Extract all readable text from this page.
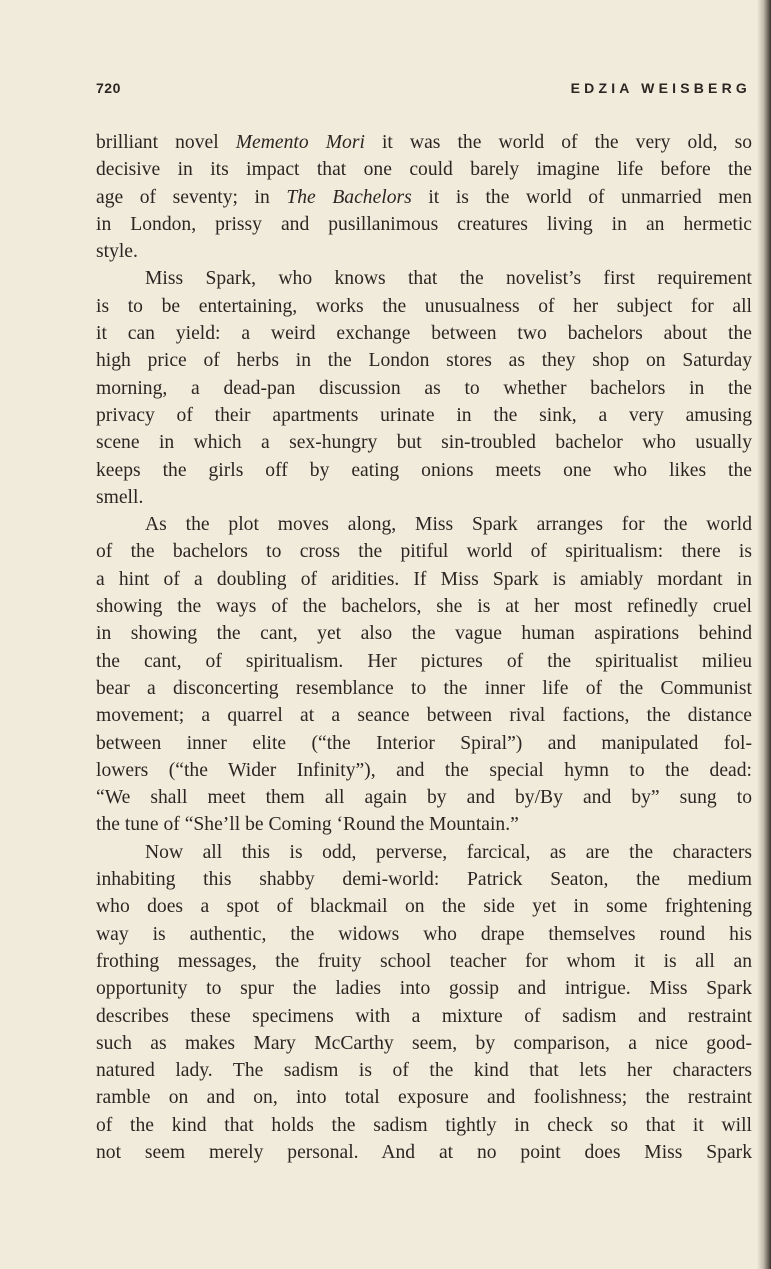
720	EDZIA WEISBERG
brilliant novel Memento Mori it was the world of the very old, so
decisive in its impact that one could barely imagine life before the
age of seventy; in The Bachelors it is the world of unmarried men
in London, prissy and pusillanimous creatures living in an hermetic
style.
Miss Spark, who knows that the novelist’s first requirement
is to be entertaining, works the unusualness of her subject for all
it can yield: a weird exchange between two bachelors about the
high price of herbs in the London stores as they shop on Saturday
morning, a dead-pan discussion as to whether bachelors in the
privacy of their apartments urinate in the sink, a very amusing
scene in which a sex-hungry but sin-troubled bachelor who usually
keeps the girls off by eating onions meets one who likes the
smell.
As the plot moves along, Miss Spark arranges for the world
of the bachelors to cross the pitiful world of spiritualism: there is
a hint of a doubling of aridities. If Miss Spark is amiably mordant in
showing the ways of the bachelors, she is at her most refinedly cruel
in showing the cant, yet also the vague human aspirations behind
the cant, of spiritualism. Her pictures of the spiritualist milieu
bear a disconcerting resemblance to the inner life of the Communist
movement; a quarrel at a seance between rival factions, the distance
between inner elite (“the Interior Spiral”) and manipulated fol-
lowers (“the Wider Infinity”), and the special hymn to the dead:
“We shall meet them all again by and by/By and by” sung to
the tune of “She’ll be Coming ‘Round the Mountain.”
Now all this is odd, perverse, farcical, as are the characters
inhabiting this shabby demi-world: Patrick Seaton, the medium
who does a spot of blackmail on the side yet in some frightening
way is authentic, the widows who drape themselves round his
frothing messages, the fruity school teacher for whom it is all an
opportunity to spur the ladies into gossip and intrigue. Miss Spark
describes these specimens with a mixture of sadism and restraint
such as makes Mary McCarthy seem, by comparison, a nice good-
natured lady. The sadism is of the kind that lets her characters
ramble on and on, into total exposure and foolishness; the restraint
of the kind that holds the sadism tightly in check so that it will
not seem merely personal. And at no point does Miss Spark
